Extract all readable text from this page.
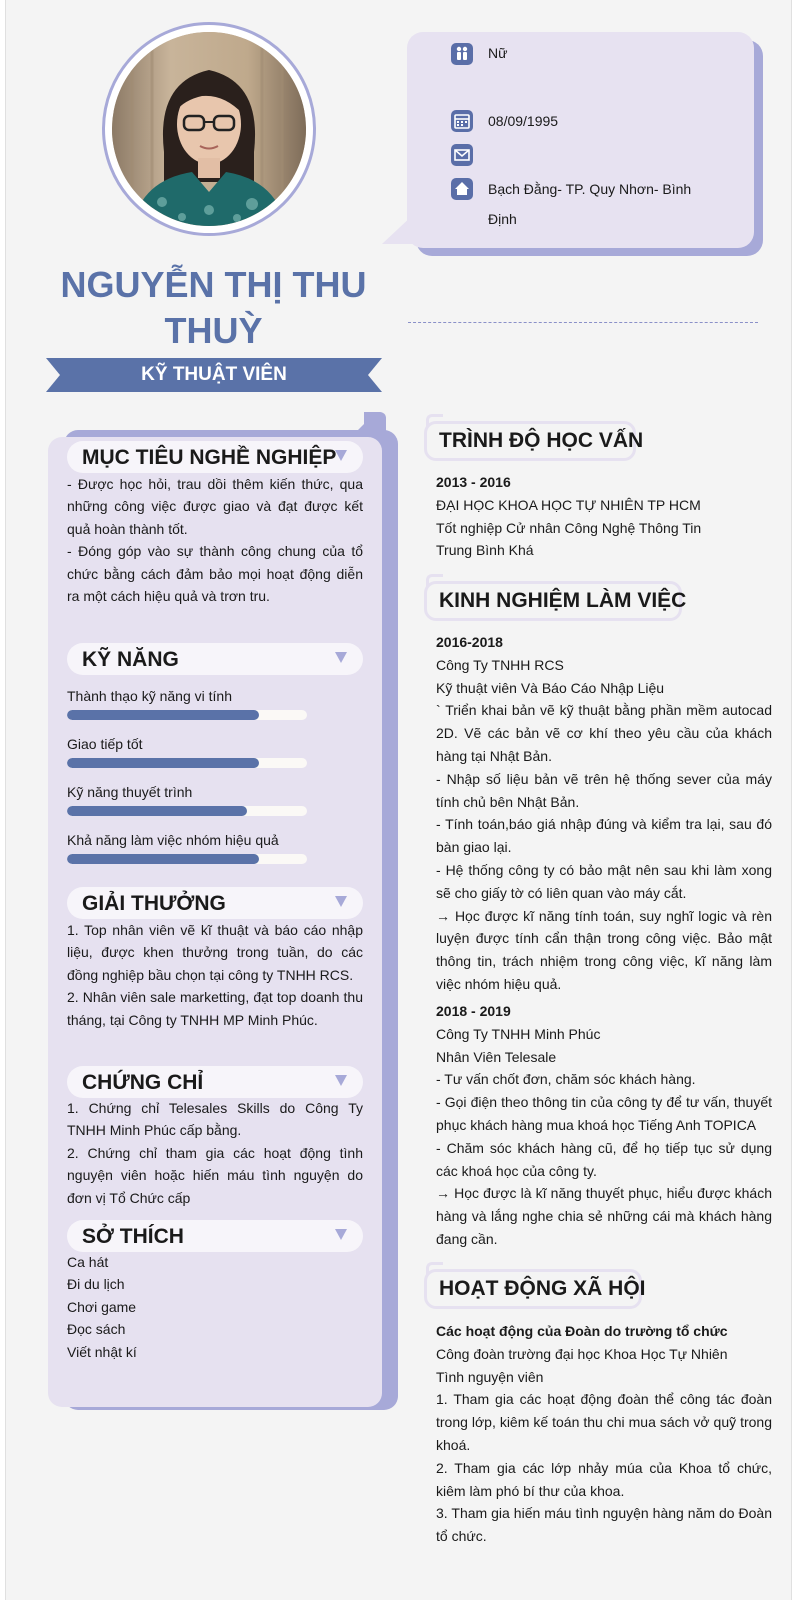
Nữ
08/09/1995
Bạch Đằng- TP. Quy Nhơn- Bình Định
NGUYỄN THỊ THU THUỲ
KỸ THUẬT VIÊN
MỤC TIÊU NGHỀ NGHIỆP

- Được học hỏi, trau dồi thêm kiến thức, qua những công việc được giao và đạt được kết quả hoàn thành tốt.

- Đóng góp vào sự thành công chung của tổ chức bằng cách đảm bảo mọi hoạt động diễn ra một cách hiệu quả và trơn tru.

KỸ NĂNG
Thành thạo kỹ năng vi tính
Giao tiếp tốt
Kỹ năng thuyết trình
Khả năng làm việc nhóm hiệu quả
GIẢI THƯỞNG

1. Top nhân viên vẽ kĩ thuật và báo cáo nhập liệu, được khen thưởng trong tuần, do các đồng nghiệp bầu chọn tại công ty TNHH RCS.

2. Nhân viên sale marketting, đạt top doanh thu tháng, tại Công ty TNHH MP Minh Phúc.

CHỨNG CHỈ

1. Chứng chỉ Telesales Skills do Công Ty TNHH Minh Phúc cấp bằng.

2. Chứng chỉ tham gia các hoạt động tình nguyện viên hoặc hiến máu tình nguyện do đơn vị Tổ Chức cấp

SỞ THÍCH
Ca hát
Đi du lịch
Chơi game
Đọc sách
Viết nhật kí
TRÌNH ĐỘ HỌC VẤN

2013 - 2016

ĐẠI HỌC KHOA HỌC TỰ NHIÊN TP HCM

Tốt nghiệp Cử nhân Công Nghệ Thông Tin

Trung Bình Khá

KINH NGHIỆM LÀM VIỆC

2016-2018

Công Ty TNHH RCS

Kỹ thuật viên Và Báo Cáo Nhập Liệu

` Triển khai bản vẽ kỹ thuật bằng phần mềm autocad 2D. Vẽ các bản vẽ cơ khí theo yêu cầu của khách hàng tại Nhật Bản.

- Nhập số liệu bản vẽ trên hệ thống sever của máy tính chủ bên Nhật Bản.

- Tính toán,báo giá nhập đúng và kiểm tra lại, sau đó bàn giao lại.

- Hệ thống công ty có bảo mật nên sau khi làm xong sẽ cho giấy tờ có liên quan vào máy cắt.

→ Học được kĩ năng tính toán, suy nghĩ logic và rèn luyện được tính cẩn thận trong công việc. Bảo mật thông tin, trách nhiệm trong công việc, kĩ năng làm việc nhóm hiệu quả.

2018 - 2019

Công Ty TNHH Minh Phúc

Nhân Viên Telesale

- Tư vấn chốt đơn, chăm sóc khách hàng.

- Gọi điện theo thông tin của công ty để tư vấn, thuyết phục khách hàng mua khoá học Tiếng Anh TOPICA

- Chăm sóc khách hàng cũ, để họ tiếp tục sử dụng các khoá học của công ty.

→ Học được là kĩ năng thuyết phục, hiểu được khách hàng và lắng nghe chia sẻ những cái mà khách hàng đang cần.

HOẠT ĐỘNG XÃ HỘI

Các hoạt động của Đoàn do trường tổ chức

Công đoàn trường đại học Khoa Học Tự Nhiên

Tình nguyện viên

1. Tham gia các hoạt động đoàn thể công tác đoàn trong lớp, kiêm kế toán thu chi mua sách vở quỹ trong khoá.

2. Tham gia các lớp nhảy múa của Khoa tổ chức, kiêm làm phó bí thư của khoa.

3. Tham gia hiến máu tình nguyện hàng năm do Đoàn tổ chức.
